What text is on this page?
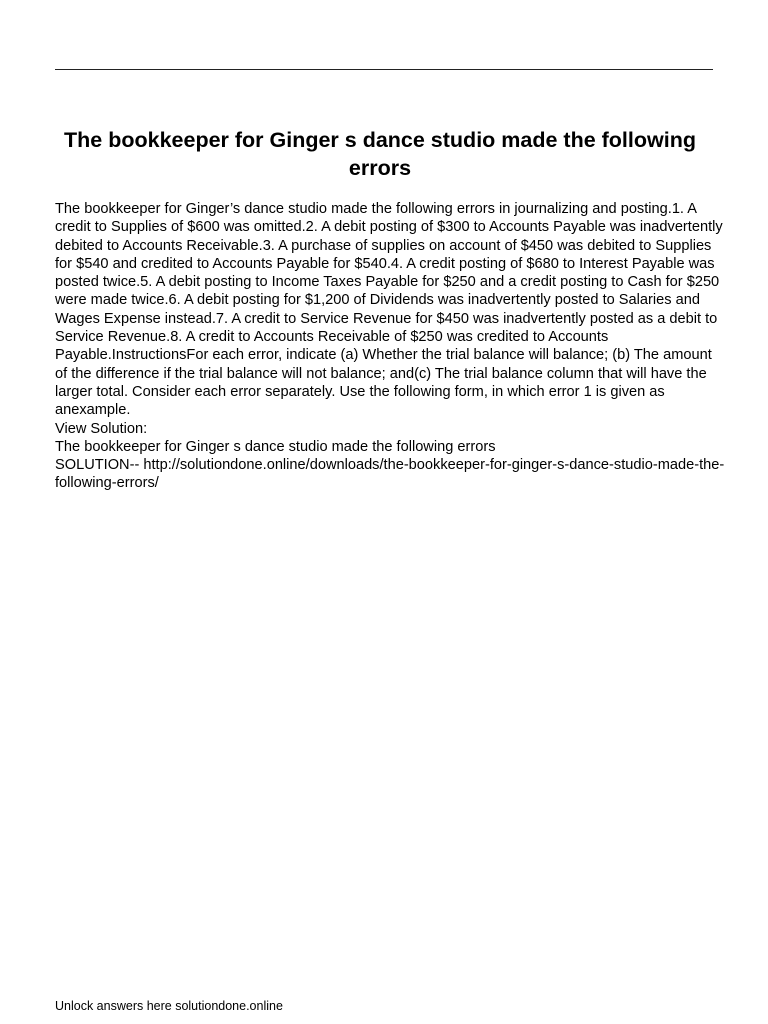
The bookkeeper for Ginger s dance studio made the following errors

The bookkeeper for Ginger’s dance studio made the following errors in journalizing and posting.1. A credit to Supplies of $600 was omitted.2. A debit posting of $300 to Accounts Payable was inadvertently debited to Accounts Receivable.3. A purchase of supplies on account of $450 was debited to Supplies for $540 and credited to Accounts Payable for $540.4. A credit posting of $680 to Interest Payable was posted twice.5. A debit posting to Income Taxes Payable for $250 and a credit posting to Cash for $250 were made twice.6. A debit posting for $1,200 of Dividends was inadvertently posted to Salaries and Wages Expense instead.7. A credit to Service Revenue for $450 was inadvertently posted as a debit to Service Revenue.8. A credit to Accounts Receivable of $250 was credited to Accounts Payable.InstructionsFor each error, indicate (a) Whether the trial balance will balance; (b) The amount of the difference if the trial balance will not balance; and(c) The trial balance column that will have the larger total. Consider each error separately. Use the following form, in which error 1 is given as anexample.

View Solution:

The bookkeeper for Ginger s dance studio made the following errors

SOLUTION-- http://solutiondone.online/downloads/the-bookkeeper-for-ginger-s-dance-studio-made-the-following-errors/

Unlock answers here solutiondone.online
